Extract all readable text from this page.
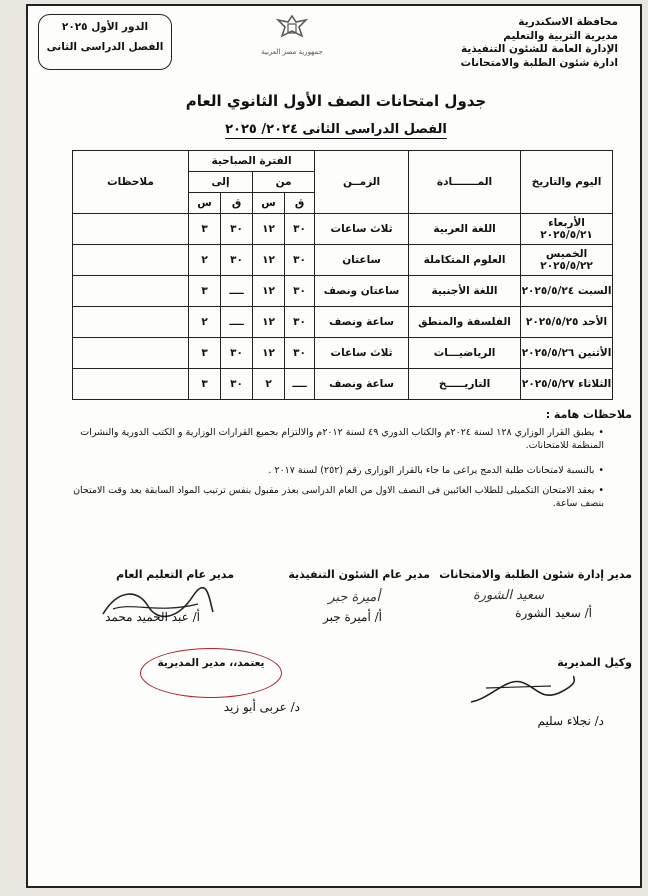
محافظة الاسكندرية
مديرية التربية والتعليم
الإدارة العامة للشئون التنفيذية
ادارة شئون الطلبة والامتحانات
جمهورية مصر العربية
الدور الأول ٢٠٢٥
الفصل الدراسى الثانى
جدول امتحانات الصف الأول الثانوي العام
الفصل الدراسى الثانى ٢٠٢٤/ ٢٠٢٥
اليوم والتاريخ	المـــــــادة	الزمــن	الفترة الصباحية				ملاحظات
			من		إلى		
			ق	س	ق	س	
الأربعاء ٢٠٢٥/٥/٢١	اللغة العربية	ثلاث ساعات	٣٠	١٢	٣٠	٣	
الخميس ٢٠٢٥/٥/٢٢	العلوم المتكاملة	ساعتان	٣٠	١٢	٣٠	٢	
السبت ٢٠٢٥/٥/٢٤	اللغة الأجنبية	ساعتان ونصف	٣٠	١٢	ــــ	٣	
الأحد ٢٠٢٥/٥/٢٥	الفلسفة والمنطق	ساعة ونصف	٣٠	١٢	ــــ	٢	
الأثنين ٢٠٢٥/٥/٢٦	الرياضيـــات	ثلاث ساعات	٣٠	١٢	٣٠	٣	
الثلاثاء ٢٠٢٥/٥/٢٧	التاريـــــخ	ساعة ونصف	ــــ	٢	٣٠	٣	
ملاحظات هامة :
•يطبق القرار الوزاري ١٢٨ لسنة ٢٠٢٤م والكتاب الدوري ٤٩ لسنة ٢٠١٢م والالتزام بجميع القرارات الوزارية و الكتب الدورية والنشرات المنظمة للامتحانات.
•بالنسبة لامتحانات طلبة الدمج يراعى ما جاء بالقرار الوزارى رقم (٢٥٢) لسنة ٢٠١٧ .
•يعقد الامتحان التكميلى للطلاب الغائبين فى النصف الاول من العام الدراسى بعذر مقبول بنفس ترتيب المواد السابقة بعد وقت الامتحان بنصف ساعة.
مدير إدارة شئون الطلبة والامتحانات
سعيد الشورة
أ/ سعيد الشورة
مدير عام الشئون التنفيذية
أميرة جبر
أ/ أميرة جبر
مدير عام التعليم العام
أ/ عبد الحميد محمد
وكيل المديرية
د/ نجلاء سليم
يعتمد،، مدير المديرية
د/ عربى أبو زيد
